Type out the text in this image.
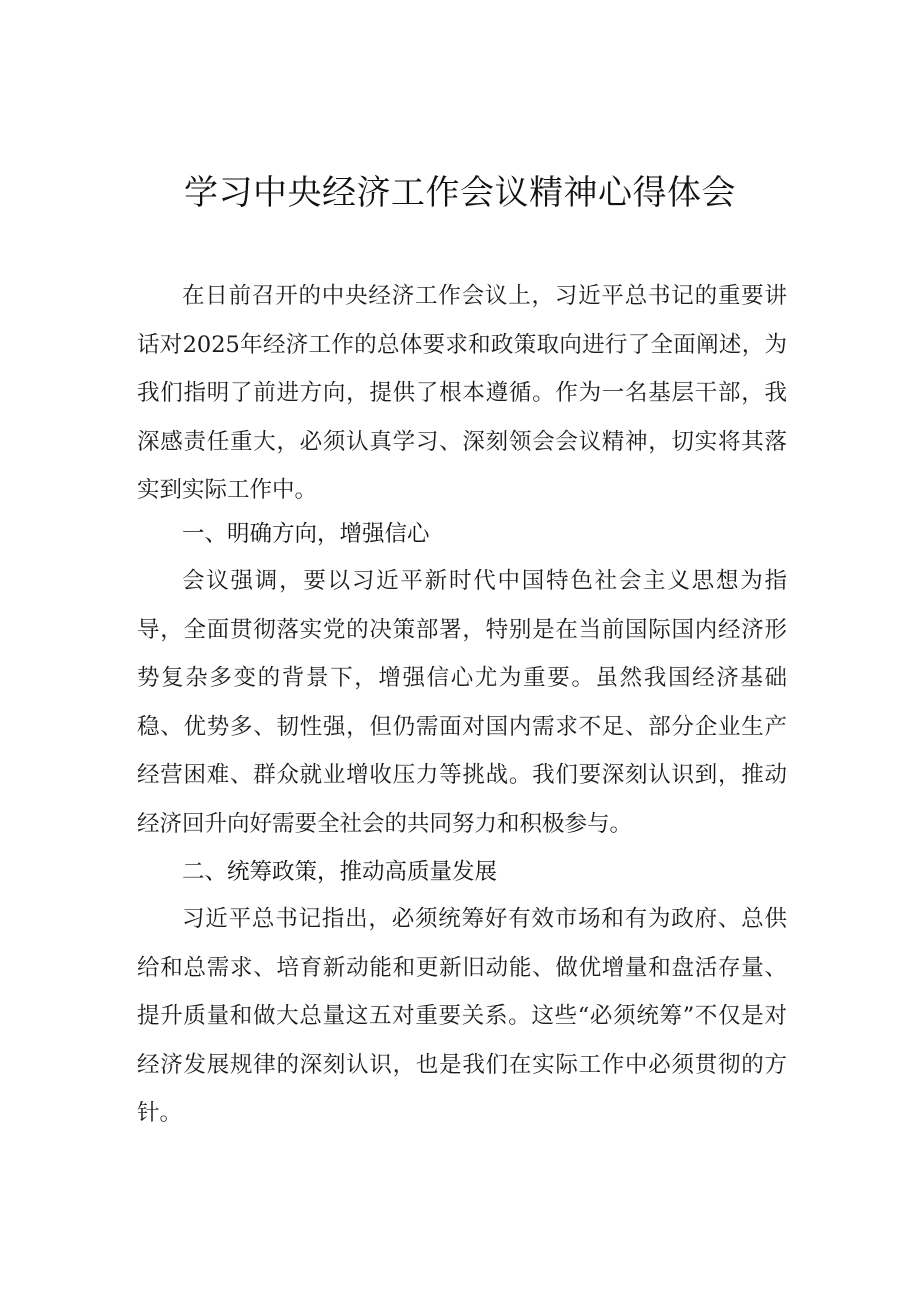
学习中央经济工作会议精神心得体会

在日前召开的中央经济工作会议上，习近平总书记的重要讲话对2025年经济工作的总体要求和政策取向进行了全面阐述，为我们指明了前进方向，提供了根本遵循。作为一名基层干部，我深感责任重大，必须认真学习、深刻领会会议精神，切实将其落实到实际工作中。

一、明确方向，增强信心

会议强调，要以习近平新时代中国特色社会主义思想为指导，全面贯彻落实党的决策部署，特别是在当前国际国内经济形势复杂多变的背景下，增强信心尤为重要。虽然我国经济基础稳、优势多、韧性强，但仍需面对国内需求不足、部分企业生产经营困难、群众就业增收压力等挑战。我们要深刻认识到，推动经济回升向好需要全社会的共同努力和积极参与。

二、统筹政策，推动高质量发展

习近平总书记指出，必须统筹好有效市场和有为政府、总供给和总需求、培育新动能和更新旧动能、做优增量和盘活存量、提升质量和做大总量这五对重要关系。这些“必须统筹”不仅是对经济发展规律的深刻认识，也是我们在实际工作中必须贯彻的方针。
